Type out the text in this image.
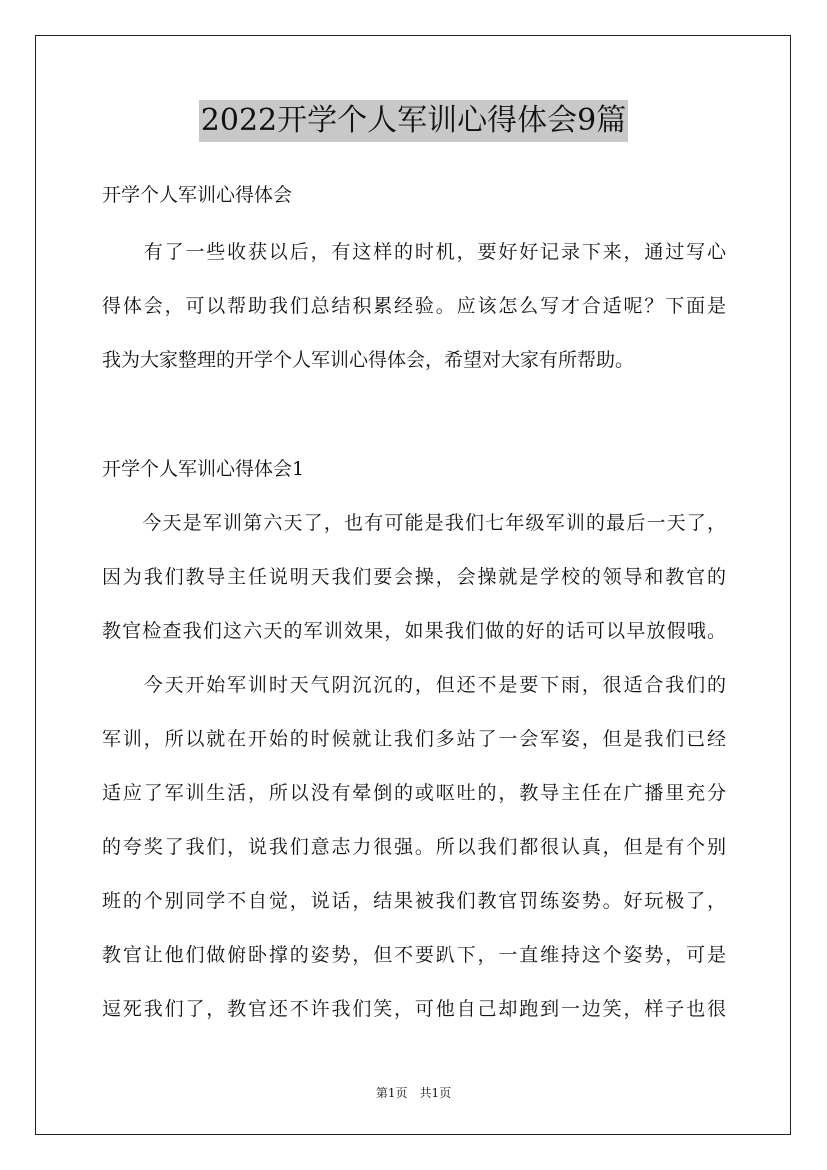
2022开学个人军训心得体会9篇
开学个人军训心得体会
　　有了一些收获以后，有这样的时机，要好好记录下来，通过写心
得体会，可以帮助我们总结积累经验。应该怎么写才合适呢？下面是
我为大家整理的开学个人军训心得体会，希望对大家有所帮助。
开学个人军训心得体会1
　　今天是军训第六天了，也有可能是我们七年级军训的最后一天了，
因为我们教导主任说明天我们要会操，会操就是学校的领导和教官的
教官检查我们这六天的军训效果，如果我们做的好的话可以早放假哦。
　　今天开始军训时天气阴沉沉的，但还不是要下雨，很适合我们的
军训，所以就在开始的时候就让我们多站了一会军姿，但是我们已经
适应了军训生活，所以没有晕倒的或呕吐的，教导主任在广播里充分
的夸奖了我们，说我们意志力很强。所以我们都很认真，但是有个别
班的个别同学不自觉，说话，结果被我们教官罚练姿势。好玩极了，
教官让他们做俯卧撑的姿势，但不要趴下，一直维持这个姿势，可是
逗死我们了，教官还不许我们笑，可他自己却跑到一边笑，样子也很
第1页　共1页
